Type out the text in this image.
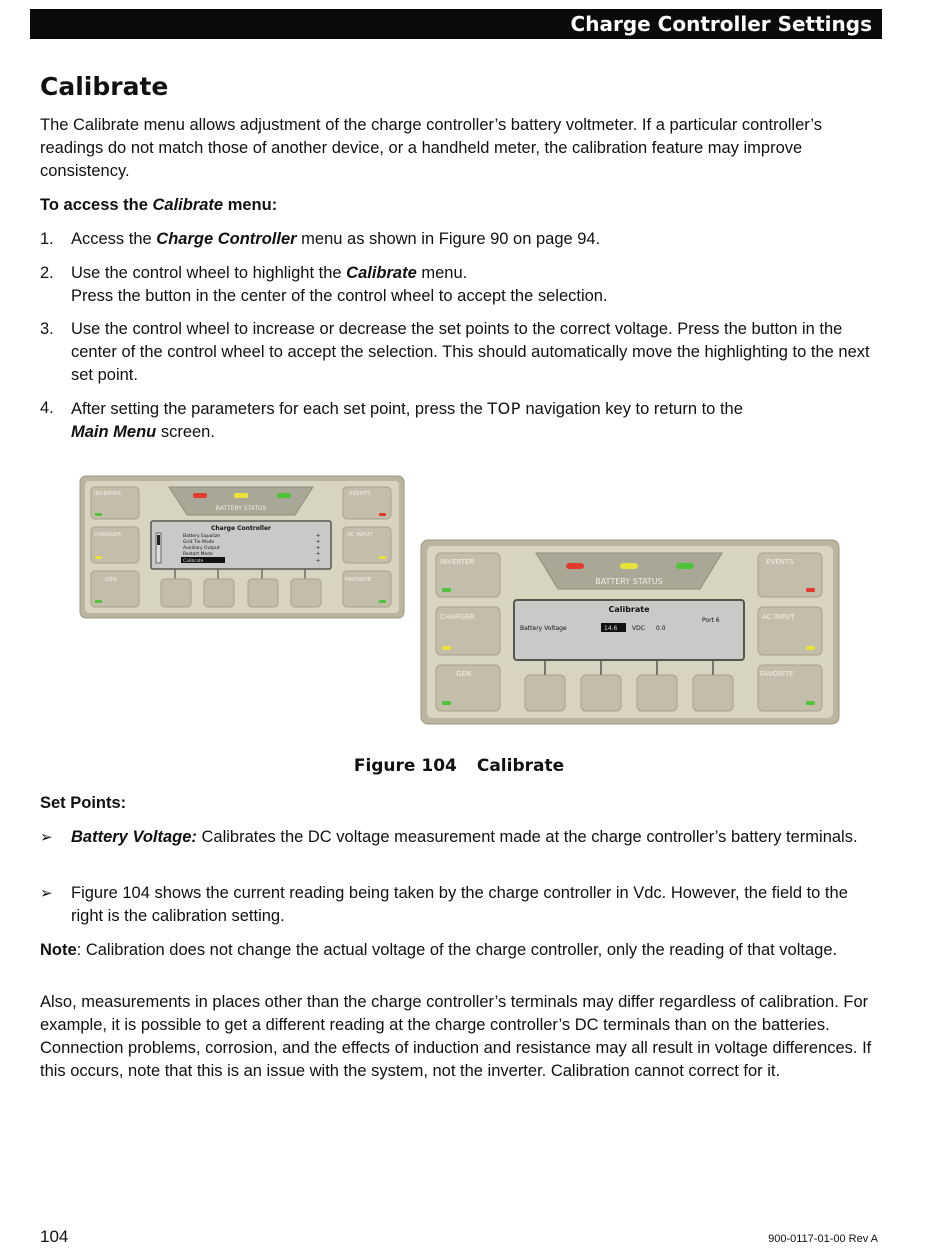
Charge Controller Settings
Calibrate

The Calibrate menu allows adjustment of the charge controller’s battery voltmeter. If a particular controller’s readings do not match those of another device, or a handheld meter, the calibration feature may improve consistency.

To access the Calibrate menu:

1. Access the Charge Controller menu as shown in Figure 90 on page 94.
2. Use the control wheel to highlight the Calibrate menu.
Press the button in the center of the control wheel to accept the selection.
3. Use the control wheel to increase or decrease the set points to the correct voltage. Press the button in the center of the control wheel to accept the selection. This should automatically move the highlighting to the next set point.
4. After setting the parameters for each set point, press the TOP navigation key to return to the
Main Menu screen.
BATTERY STATUS
INVERTER
CHARGER
GEN
EVENTS
AC INPUT
FAVORITE
Charge Controller
Battery Equalize
Grid Tie Mode
Auxiliary Output
Restart Mode
Calibrate
+
+
+
+
+
BATTERY STATUS
INVERTER
CHARGER
GEN
EVENTS
AC INPUT
FAVORITE
Calibrate
Port 6
Battery Voltage	14.6 VDC 0.0
Figure 104 Calibrate

Set Points:

➢ Battery Voltage: Calibrates the DC voltage measurement made at the charge controller’s battery terminals.
➢ Figure 104 shows the current reading being taken by the charge controller in Vdc. However, the field to the right is the calibration setting.

Note: Calibration does not change the actual voltage of the charge controller, only the reading of that voltage.

Also, measurements in places other than the charge controller’s terminals may differ regardless of calibration. For example, it is possible to get a different reading at the charge controller’s DC terminals than on the batteries. Connection problems, corrosion, and the effects of induction and resistance may all result in voltage differences. If this occurs, note that this is an issue with the system, not the inverter. Calibration cannot correct for it.

104	900-0117-01-00 Rev A
